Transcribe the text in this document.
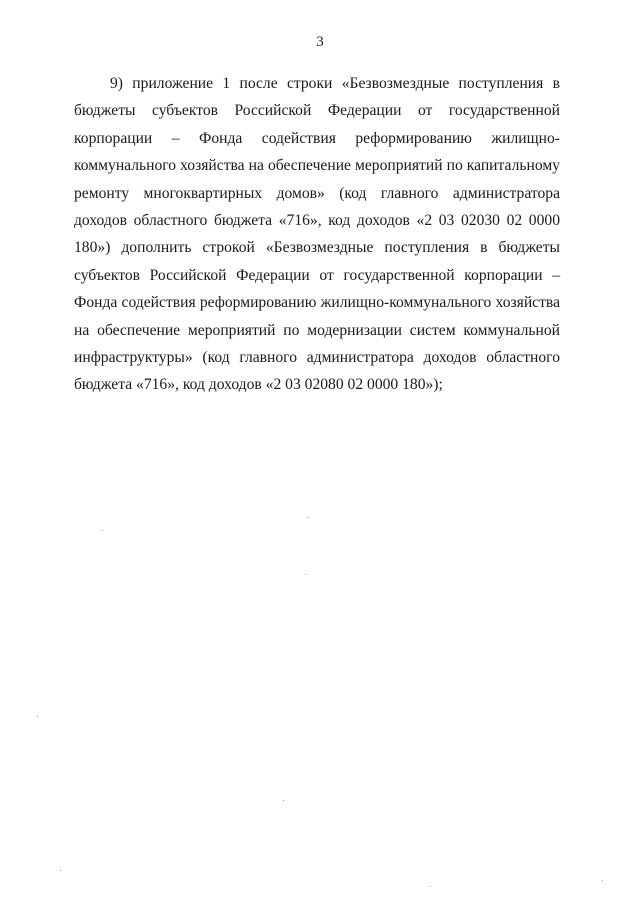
3

9) приложение 1 после строки «Безвозмездные поступления в бюджеты субъектов Российской Федерации от государственной корпорации – Фонда содействия реформированию жилищно-коммунального хозяйства на обеспечение мероприятий по капитальному ремонту многоквартирных домов» (код главного администратора доходов областного бюджета «716», код доходов «2 03 02030 02 0000 180») дополнить строкой «Безвозмездные поступления в бюджеты субъектов Российской Федерации от государственной корпорации – Фонда содействия реформированию жилищно-коммунального хозяйства на обеспечение мероприятий по модернизации систем коммунальной инфраструктуры» (код главного администратора доходов областного бюджета «716», код доходов «2 03 02080 02 0000 180»);
